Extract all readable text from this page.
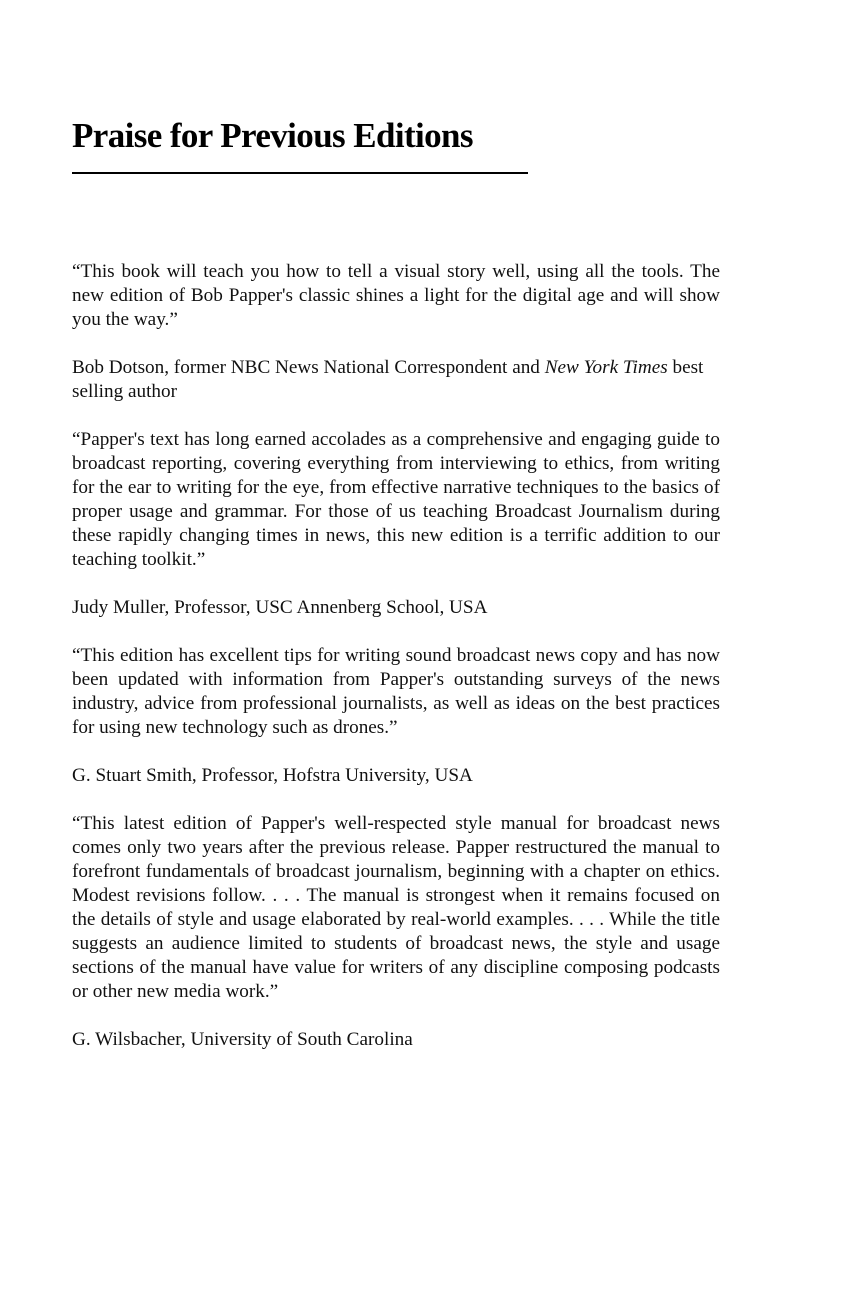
Praise for Previous Editions

“This book will teach you how to tell a visual story well, using all the tools. The new edition of Bob Papper's classic shines a light for the digital age and will show you the way.”

Bob Dotson, former NBC News National Correspondent and New York Times best selling author

“Papper's text has long earned accolades as a comprehensive and engaging guide to broadcast reporting, covering everything from interviewing to ethics, from writing for the ear to writing for the eye, from effective narrative techniques to the basics of proper usage and grammar. For those of us teaching Broadcast Journalism during these rapidly changing times in news, this new edition is a terrific addition to our teaching toolkit.”

Judy Muller, Professor, USC Annenberg School, USA

“This edition has excellent tips for writing sound broadcast news copy and has now been updated with information from Papper's outstanding surveys of the news industry, advice from professional journalists, as well as ideas on the best practices for using new technology such as drones.”

G. Stuart Smith, Professor, Hofstra University, USA

“This latest edition of Papper's well-respected style manual for broadcast news comes only two years after the previous release. Papper restructured the manual to forefront fundamentals of broadcast journalism, beginning with a chapter on ethics. Modest revisions follow. . . . The manual is strongest when it remains focused on the details of style and usage elaborated by real-world examples. . . . While the title suggests an audience limited to students of broadcast news, the style and usage sections of the manual have value for writers of any discipline composing podcasts or other new media work.”

G. Wilsbacher, University of South Carolina
